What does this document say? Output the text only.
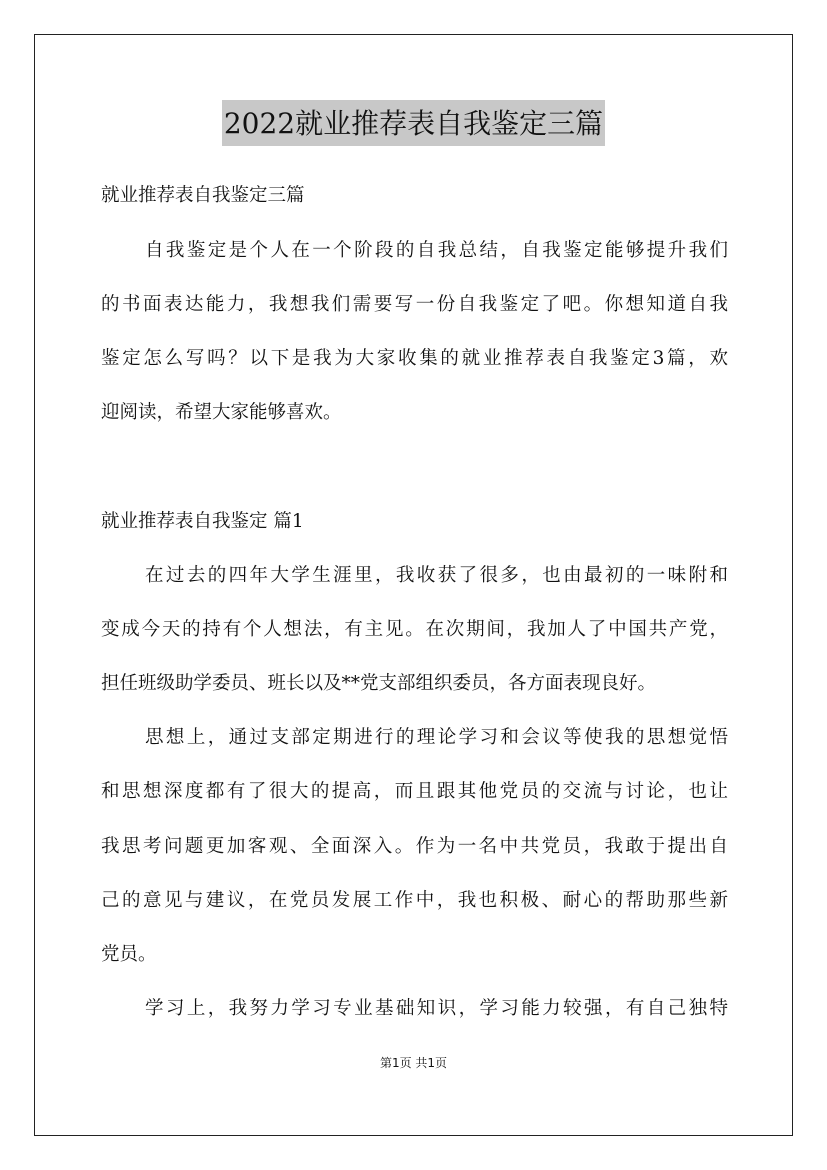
2022就业推荐表自我鉴定三篇
就业推荐表自我鉴定三篇
自我鉴定是个人在一个阶段的自我总结，自我鉴定能够提升我们
的书面表达能力，我想我们需要写一份自我鉴定了吧。你想知道自我
鉴定怎么写吗？以下是我为大家收集的就业推荐表自我鉴定3篇，欢
迎阅读，希望大家能够喜欢。
就业推荐表自我鉴定 篇1
在过去的四年大学生涯里，我收获了很多，也由最初的一味附和
变成今天的持有个人想法，有主见。在次期间，我加人了中国共产党，
担任班级助学委员、班长以及**党支部组织委员，各方面表现良好。
思想上，通过支部定期进行的理论学习和会议等使我的思想觉悟
和思想深度都有了很大的提高，而且跟其他党员的交流与讨论，也让
我思考问题更加客观、全面深入。作为一名中共党员，我敢于提出自
己的意见与建议，在党员发展工作中，我也积极、耐心的帮助那些新
党员。
学习上，我努力学习专业基础知识，学习能力较强，有自己独特
第1页 共1页
